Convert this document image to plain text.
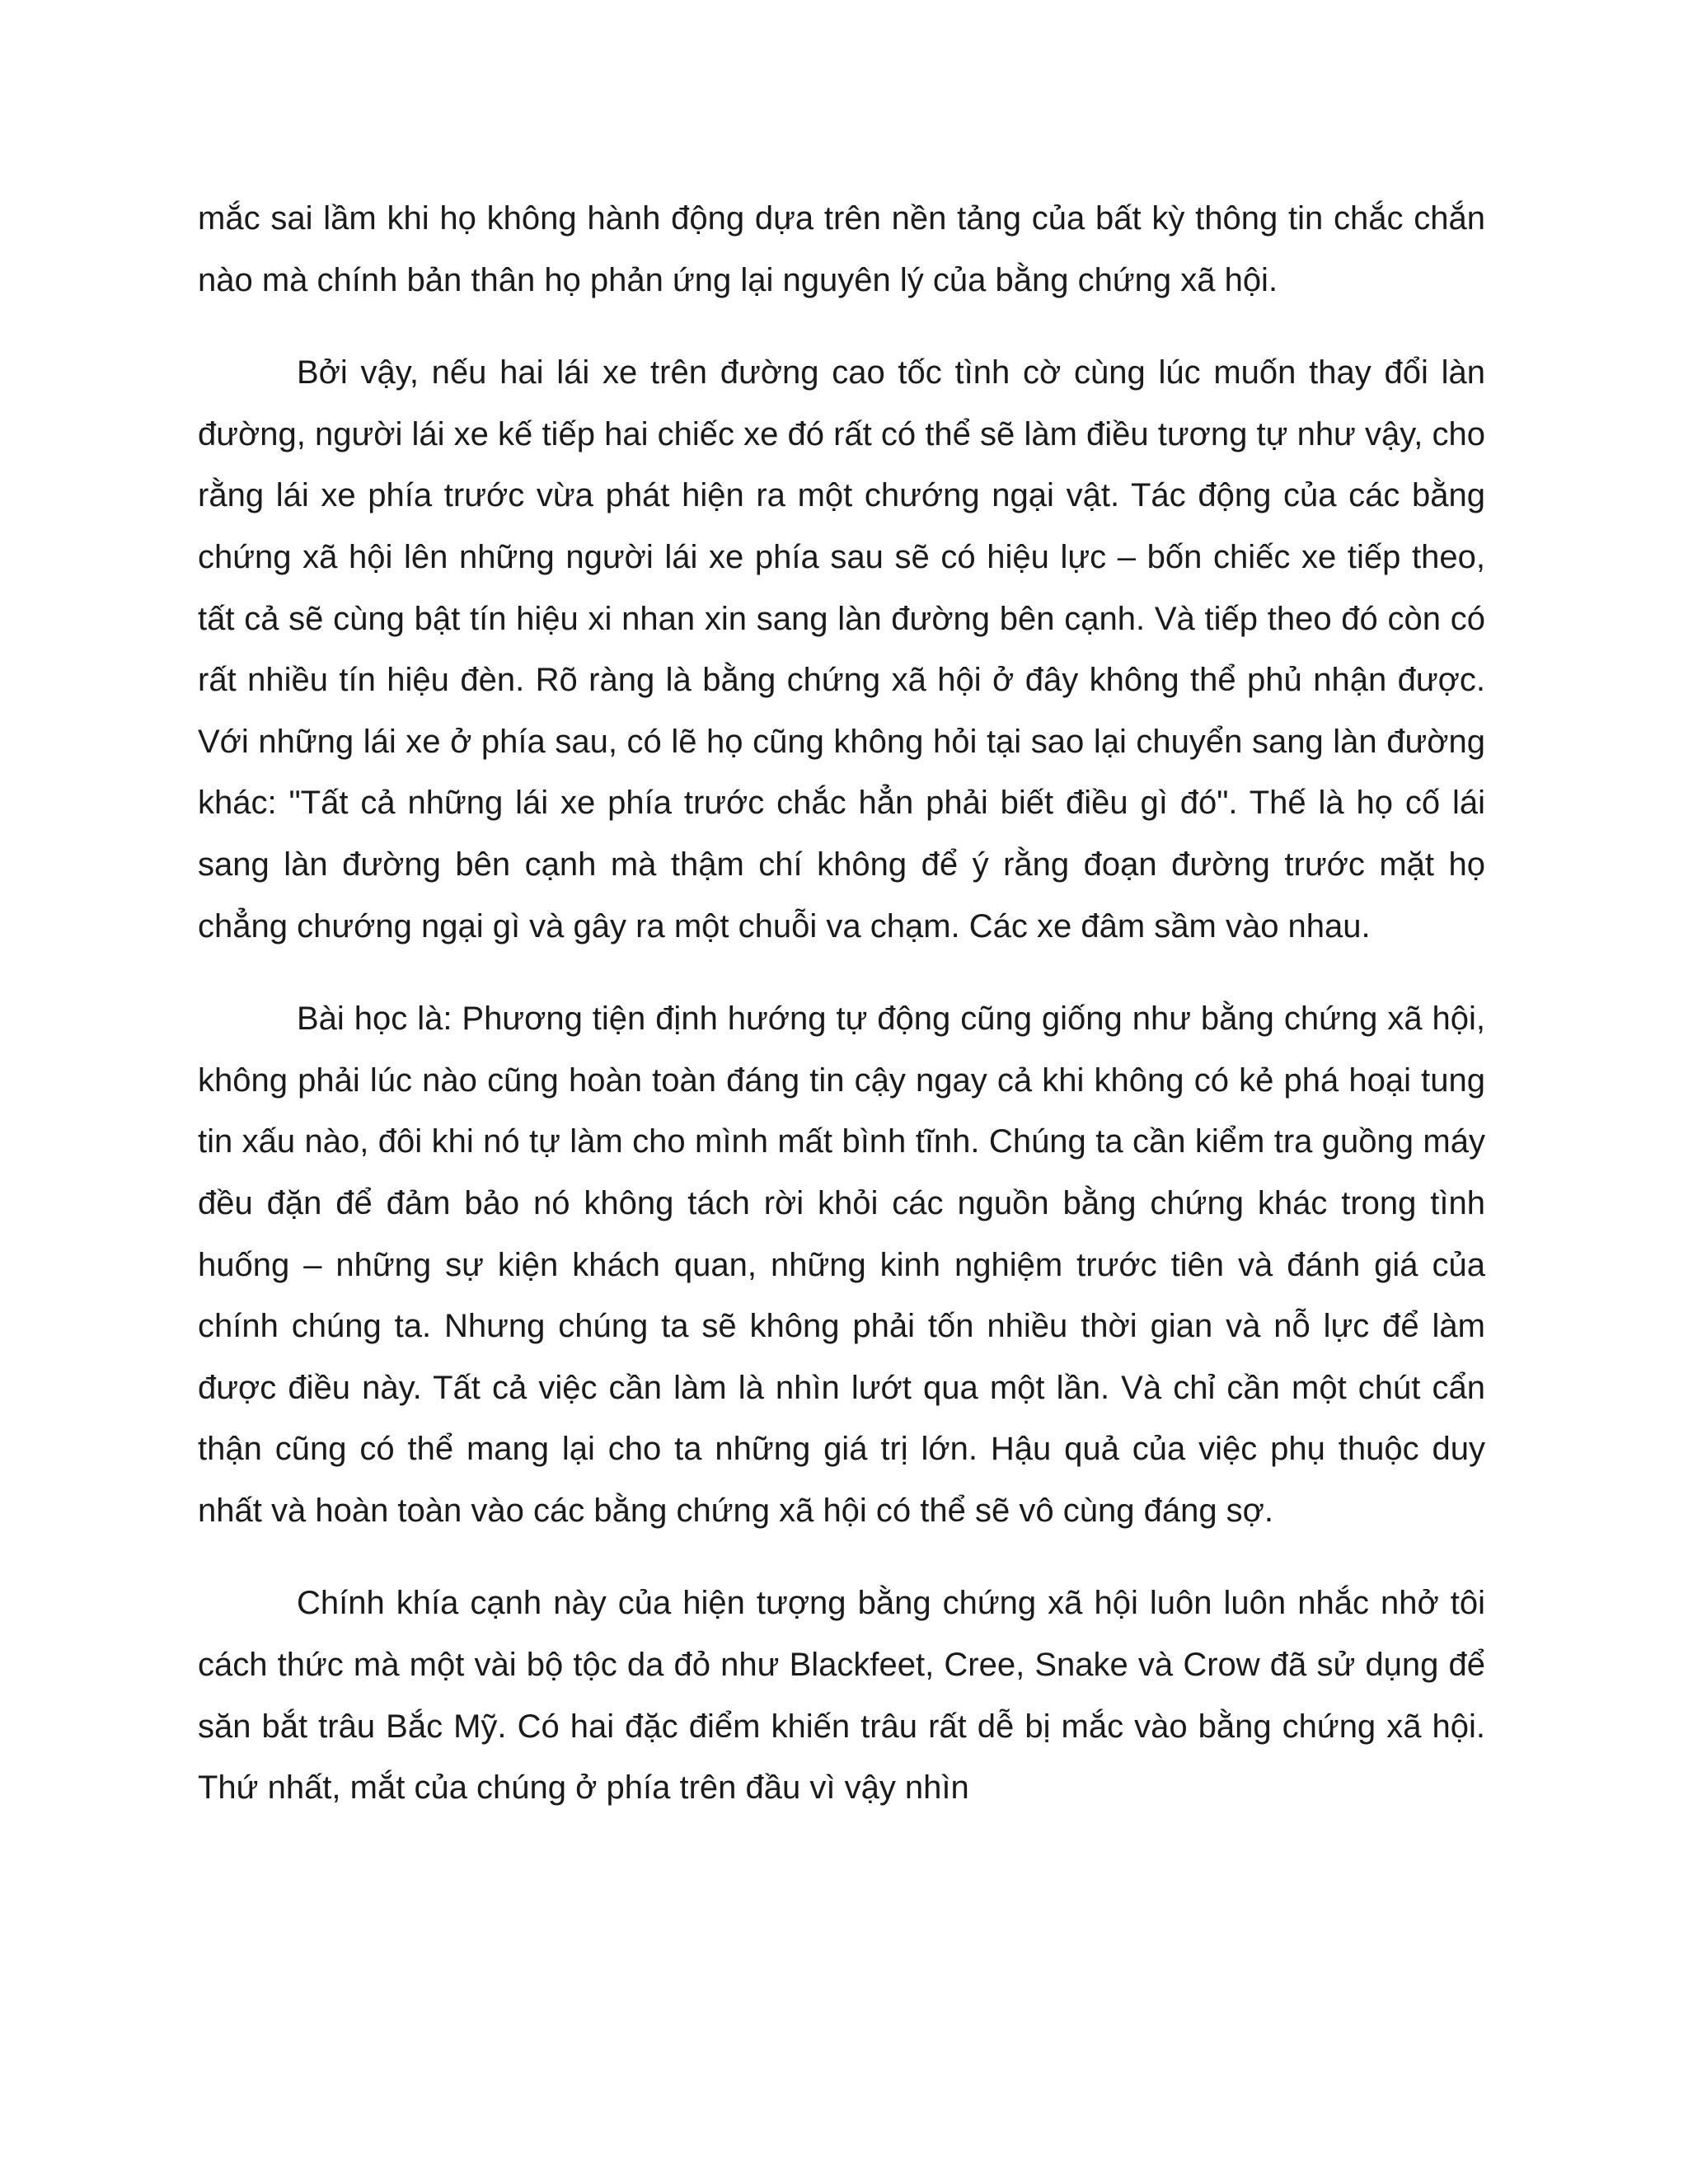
mắc sai lầm khi họ không hành động dựa trên nền tảng của bất kỳ thông tin chắc chắn nào mà chính bản thân họ phản ứng lại nguyên lý của bằng chứng xã hội.

Bởi vậy, nếu hai lái xe trên đường cao tốc tình cờ cùng lúc muốn thay đổi làn đường, người lái xe kế tiếp hai chiếc xe đó rất có thể sẽ làm điều tương tự như vậy, cho rằng lái xe phía trước vừa phát hiện ra một chướng ngại vật. Tác động của các bằng chứng xã hội lên những người lái xe phía sau sẽ có hiệu lực – bốn chiếc xe tiếp theo, tất cả sẽ cùng bật tín hiệu xi nhan xin sang làn đường bên cạnh. Và tiếp theo đó còn có rất nhiều tín hiệu đèn. Rõ ràng là bằng chứng xã hội ở đây không thể phủ nhận được. Với những lái xe ở phía sau, có lẽ họ cũng không hỏi tại sao lại chuyển sang làn đường khác: "Tất cả những lái xe phía trước chắc hẳn phải biết điều gì đó". Thế là họ cố lái sang làn đường bên cạnh mà thậm chí không để ý rằng đoạn đường trước mặt họ chẳng chướng ngại gì và gây ra một chuỗi va chạm. Các xe đâm sầm vào nhau.

Bài học là: Phương tiện định hướng tự động cũng giống như bằng chứng xã hội, không phải lúc nào cũng hoàn toàn đáng tin cậy ngay cả khi không có kẻ phá hoại tung tin xấu nào, đôi khi nó tự làm cho mình mất bình tĩnh. Chúng ta cần kiểm tra guồng máy đều đặn để đảm bảo nó không tách rời khỏi các nguồn bằng chứng khác trong tình huống – những sự kiện khách quan, những kinh nghiệm trước tiên và đánh giá của chính chúng ta. Nhưng chúng ta sẽ không phải tốn nhiều thời gian và nỗ lực để làm được điều này. Tất cả việc cần làm là nhìn lướt qua một lần. Và chỉ cần một chút cẩn thận cũng có thể mang lại cho ta những giá trị lớn. Hậu quả của việc phụ thuộc duy nhất và hoàn toàn vào các bằng chứng xã hội có thể sẽ vô cùng đáng sợ.

Chính khía cạnh này của hiện tượng bằng chứng xã hội luôn luôn nhắc nhở tôi cách thức mà một vài bộ tộc da đỏ như Blackfeet, Cree, Snake và Crow đã sử dụng để săn bắt trâu Bắc Mỹ. Có hai đặc điểm khiến trâu rất dễ bị mắc vào bằng chứng xã hội. Thứ nhất, mắt của chúng ở phía trên đầu vì vậy nhìn
